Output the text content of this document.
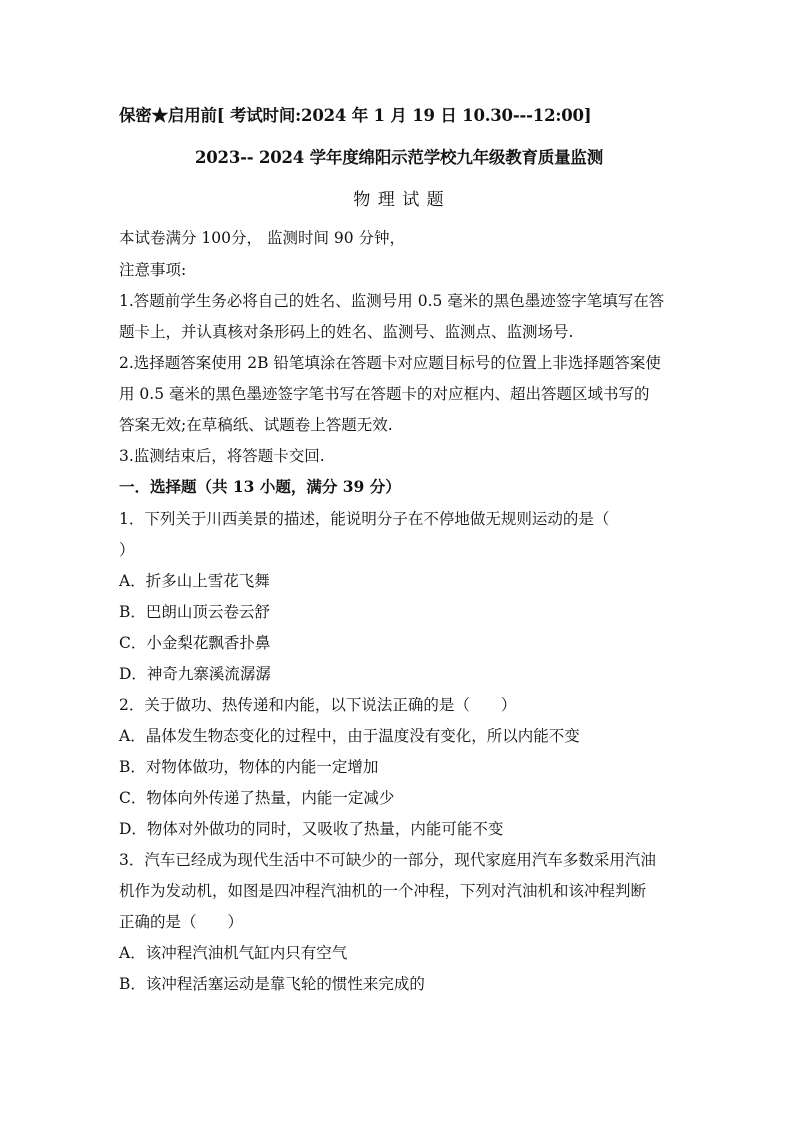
保密★启用前[ 考试时间:2024 年 1 月 19 日 10.30---12:00]

2023-- 2024 学年度绵阳示范学校九年级教育质量监测

物 理 试 题

本试卷满分 100分， 监测时间 90 分钟，

注意事项:

1.答题前学生务必将自己的姓名、监测号用 0.5 毫米的黑色墨迹签字笔填写在答

题卡上，并认真核对条形码上的姓名、监测号、监测点、监测场号.

2.选择题答案使用 2B 铅笔填涂在答题卡对应题目标号的位置上非选择题答案使

用 0.5 毫米的黑色墨迹签字笔书写在答题卡的对应框内、超出答题区域书写的

答案无效;在草稿纸、试题卷上答题无效.

3.监测结束后，将答题卡交回.

一．选择题（共 13 小题，满分 39 分）

1．下列关于川西美景的描述，能说明分子在不停地做无规则运动的是（

）

A．折多山上雪花飞舞

B．巴朗山顶云卷云舒

C．小金梨花飘香扑鼻

D．神奇九寨溪流潺潺

2．关于做功、热传递和内能，以下说法正确的是（　　）

A．晶体发生物态变化的过程中，由于温度没有变化，所以内能不变

B．对物体做功，物体的内能一定增加

C．物体向外传递了热量，内能一定减少

D．物体对外做功的同时，又吸收了热量，内能可能不变

3．汽车已经成为现代生活中不可缺少的一部分，现代家庭用汽车多数采用汽油

机作为发动机，如图是四冲程汽油机的一个冲程，下列对汽油机和该冲程判断

正确的是（　　）

A．该冲程汽油机气缸内只有空气

B．该冲程活塞运动是靠飞轮的惯性来完成的
